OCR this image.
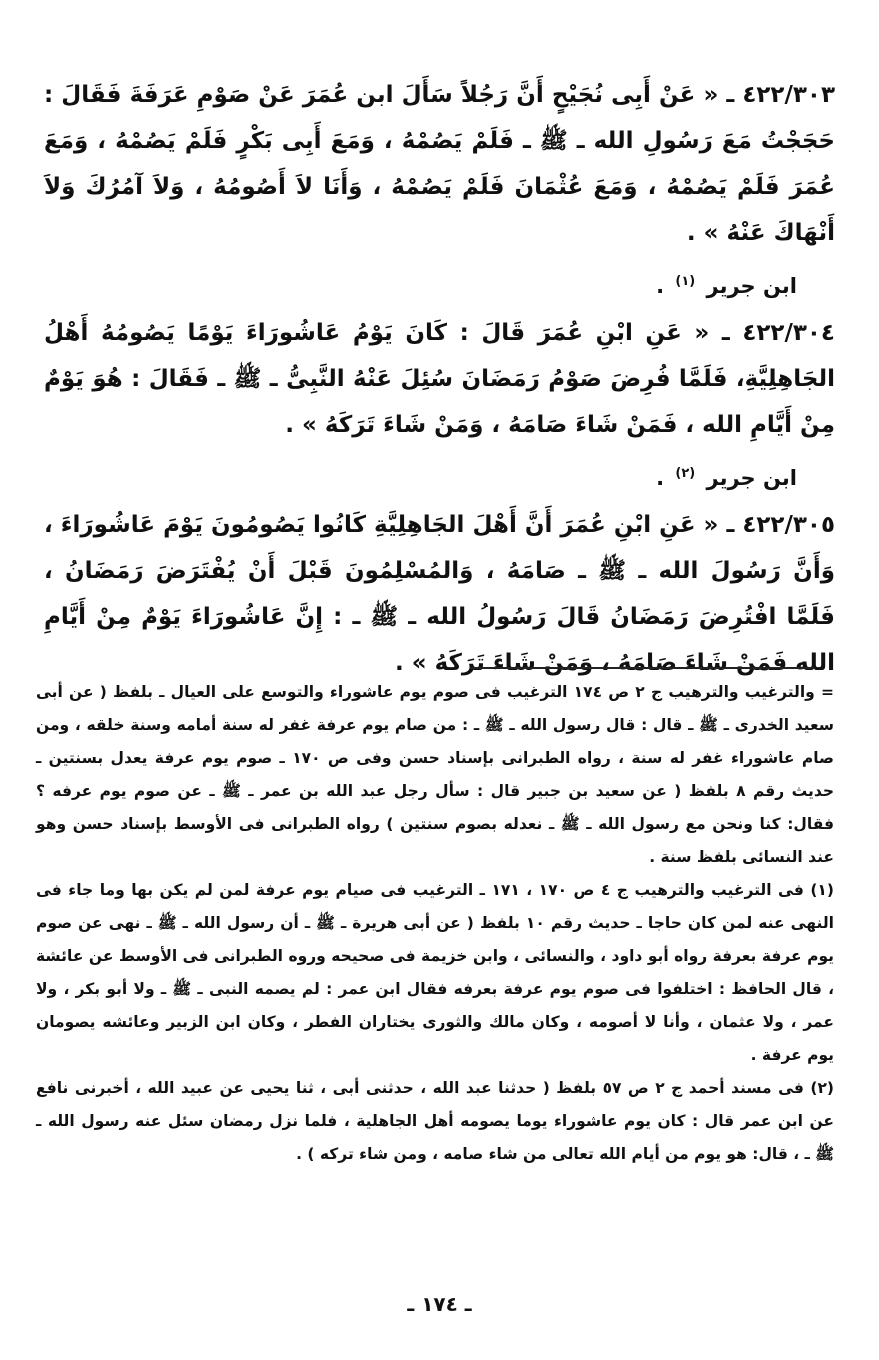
٤٢٢/٣٠٣ ـ « عَنْ أَبِى نُجَيْحٍ أَنَّ رَجُلاً سَأَلَ ابن عُمَرَ عَنْ صَوْمِ عَرَفَةَ فَقَالَ : حَجَجْتُ مَعَ رَسُولِ الله ـ ﷺ ـ فَلَمْ يَصُمْهُ ، وَمَعَ أَبِى بَكْرٍ فَلَمْ يَصُمْهُ ، وَمَعَ عُمَرَ فَلَمْ يَصُمْهُ ، وَمَعَ عُثْمَانَ فَلَمْ يَصُمْهُ ، وَأَنَا لاَ أَصُومُهُ ، وَلاَ آمُرُكَ وَلاَ أَنْهَاكَ عَنْهُ » .

ابن جرير $^{(١)}$ .

٤٢٢/٣٠٤ ـ « عَنِ ابْنِ عُمَرَ قَالَ : كَانَ يَوْمُ عَاشُورَاءَ يَوْمًا يَصُومُهُ أَهْلُ الجَاهِلِيَّةِ، فَلَمَّا فُرِضَ صَوْمُ رَمَضَانَ سُئِلَ عَنْهُ النَّبِىُّ ـ ﷺ ـ فَقَالَ : هُوَ يَوْمٌ مِنْ أَيَّامِ الله ، فَمَنْ شَاءَ صَامَهُ ، وَمَنْ شَاءَ تَرَكَهُ » .

ابن جرير $^{(٢)}$ .

٤٢٢/٣٠٥ ـ « عَنِ ابْنِ عُمَرَ أَنَّ أَهْلَ الجَاهِلِيَّةِ كَانُوا يَصُومُونَ يَوْمَ عَاشُورَاءَ ، وَأَنَّ رَسُولَ الله ـ ﷺ ـ صَامَهُ ، وَالمُسْلِمُونَ قَبْلَ أَنْ يُفْتَرَضَ رَمَضَانُ ، فَلَمَّا افْتُرِضَ رَمَضَانُ قَالَ رَسُولُ الله ـ ﷺ ـ : إِنَّ عَاشُورَاءَ يَوْمٌ مِنْ أَيَّامِ الله فَمَنْ شَاءَ صَامَهُ ، وَمَنْ شَاءَ تَرَكَهُ » .

= والترغيب والترهيب ج ٢ ص ١٧٤ الترغيب فى صوم يوم عاشوراء والتوسع على العيال ـ بلفظ ( عن أبى سعيد الخدرى ـ ﷺ ـ قال : قال رسول الله ـ ﷺ ـ : من صام يوم عرفة غفر له سنة أمامه وسنة خلقه ، ومن صام عاشوراء غفر له سنة ، رواه الطبرانى بإسناد حسن وفى ص ١٧٠ ـ صوم يوم عرفة يعدل بسنتين ـ حديث رقم ٨ بلفظ ( عن سعيد بن جبير قال : سأل رجل عبد الله بن عمر ـ ﷺ ـ عن صوم يوم عرفه ؟ فقال: كنا ونحن مع رسول الله ـ ﷺ ـ نعدله بصوم سنتين ) رواه الطبرانى فى الأوسط بإسناد حسن وهو عند النسائى بلفظ سنة .

(١) فى الترغيب والترهيب ج ٤ ص ١٧٠ ، ١٧١ ـ الترغيب فى صيام يوم عرفة لمن لم يكن بها وما جاء فى النهى عنه لمن كان حاجا ـ حديث رقم ١٠ بلفظ ( عن أبى هريرة ـ ﷺ ـ أن رسول الله ـ ﷺ ـ نهى عن صوم يوم عرفة بعرفة رواه أبو داود ، والنسائى ، وابن خزيمة فى صحيحه وروه الطبرانى فى الأوسط عن عائشة ، قال الحافظ : اختلفوا فى صوم يوم عرفة بعرفه فقال ابن عمر : لم يصمه النبى ـ ﷺ ـ ولا أبو بكر ، ولا عمر ، ولا عثمان ، وأنا لا أصومه ، وكان مالك والثورى يختاران الفطر ، وكان ابن الزبير وعائشه يصومان يوم عرفة .

(٢) فى مسند أحمد ج ٢ ص ٥٧ بلفظ ( حدثنا عبد الله ، حدثنى أبى ، ثنا يحيى عن عبيد الله ، أخبرنى نافع عن ابن عمر قال : كان يوم عاشوراء يوما يصومه أهل الجاهلية ، فلما نزل رمضان سئل عنه رسول الله ـ ﷺ ـ ، قال: هو يوم من أيام الله تعالى من شاء صامه ، ومن شاء تركه ) .

ـ ١٧٤ ـ
